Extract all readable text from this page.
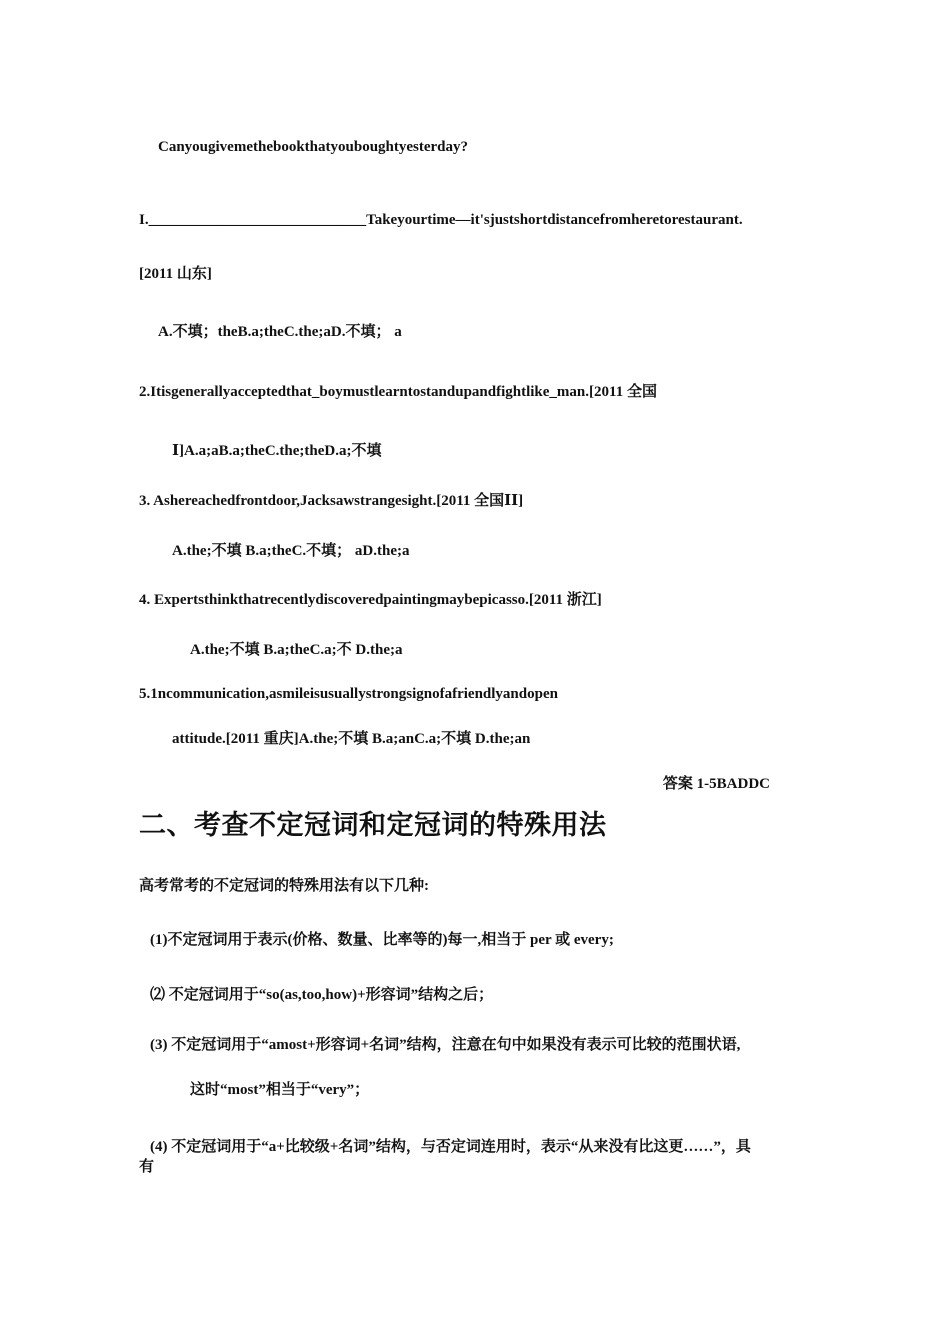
Canyougivemethebookthatyouboughtyesterday?
I._____________________________Takeyourtime—it'sjustshortdistancefromheretorestaurant.
[2011 山东]
A.不填；theB.a;theC.the;aD.不填； a
2.Itisgenerallyacceptedthat_boymustlearntostandupandfightlike_man.[2011 全国
Ⅰ]A.a;aB.a;theC.the;theD.a;不填
3. Ashereachedfrontdoor,Jacksawstrangesight.[2011 全国ⅠⅠ]
A.the;不填 B.a;theC.不填； aD.the;a
4. Expertsthinkthatrecentlydiscoveredpaintingmaybepicasso.[2011 浙江]
A.the;不填 B.a;theC.a;不 D.the;a
5.1ncommunication,asmileisusuallystrongsignofafriendlyandopen
attitude.[2011 重庆]A.the;不填 B.a;anC.a;不填 D.the;an
答案 1-5BADDC
二、考查不定冠词和定冠词的特殊用法
高考常考的不定冠词的特殊用法有以下几种:
(1)不定冠词用于表示(价格、数量、比率等的)每一,相当于 per 或 every;
⑵ 不定冠词用于“so(as,too,how)+形容词”结构之后；
(3) 不定冠词用于“amost+形容词+名词”结构，注意在句中如果没有表示可比较的范围状语,
这时“most”相当于“very”；
(4) 不定冠词用于“a+比较级+名词”结构，与否定词连用时，表示“从来没有比这更……”，具
有
